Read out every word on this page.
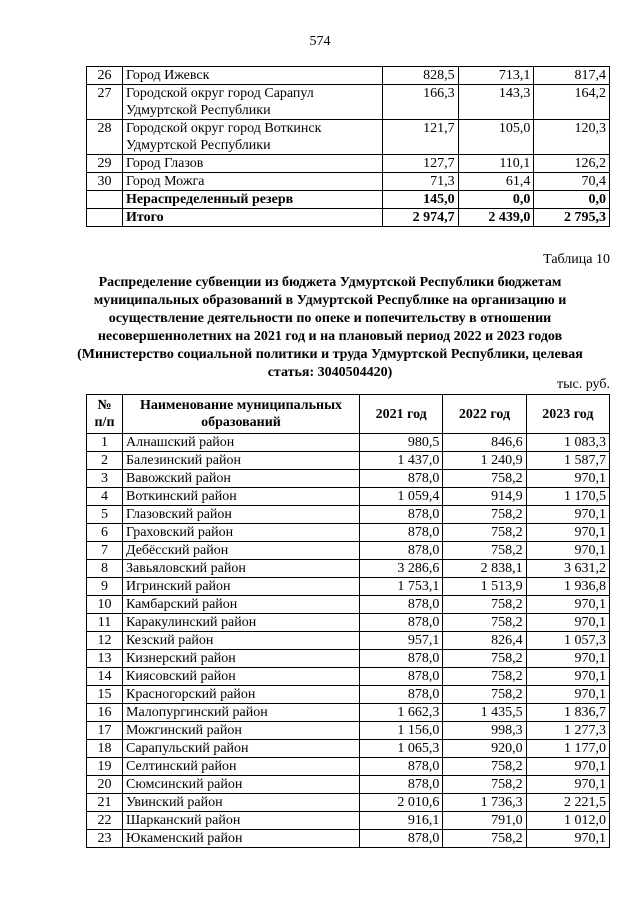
574
26	Город Ижевск	828,5	713,1	817,4
27	Городской округ город Сарапул Удмуртской Республики	166,3	143,3	164,2
28	Городской округ город Воткинск Удмуртской Республики	121,7	105,0	120,3
29	Город Глазов	127,7	110,1	126,2
30	Город Можга	71,3	61,4	70,4
	Нераспределенный резерв	145,0	0,0	0,0
	Итого	2 974,7	2 439,0	2 795,3
Таблица 10
Распределение субвенции из бюджета Удмуртской Республики бюджетам муниципальных образований в Удмуртской Республике на организацию и осуществление деятельности по опеке и попечительству в отношении несовершеннолетних на 2021 год и на плановый период 2022 и 2023 годов (Министерство социальной политики и труда Удмуртской Республики, целевая статья: 3040504420)
тыс. руб.
№ п/п	Наименование муниципальных образований	2021 год	2022 год	2023 год
1	Алнашский район	980,5	846,6	1 083,3
2	Балезинский район	1 437,0	1 240,9	1 587,7
3	Вавожский район	878,0	758,2	970,1
4	Воткинский район	1 059,4	914,9	1 170,5
5	Глазовский район	878,0	758,2	970,1
6	Граховский район	878,0	758,2	970,1
7	Дебёсский район	878,0	758,2	970,1
8	Завьяловский район	3 286,6	2 838,1	3 631,2
9	Игринский район	1 753,1	1 513,9	1 936,8
10	Камбарский район	878,0	758,2	970,1
11	Каракулинский район	878,0	758,2	970,1
12	Кезский район	957,1	826,4	1 057,3
13	Кизнерский район	878,0	758,2	970,1
14	Киясовский район	878,0	758,2	970,1
15	Красногорский район	878,0	758,2	970,1
16	Малопургинский район	1 662,3	1 435,5	1 836,7
17	Можгинский район	1 156,0	998,3	1 277,3
18	Сарапульский район	1 065,3	920,0	1 177,0
19	Селтинский район	878,0	758,2	970,1
20	Сюмсинский район	878,0	758,2	970,1
21	Увинский район	2 010,6	1 736,3	2 221,5
22	Шарканский район	916,1	791,0	1 012,0
23	Юкаменский район	878,0	758,2	970,1
